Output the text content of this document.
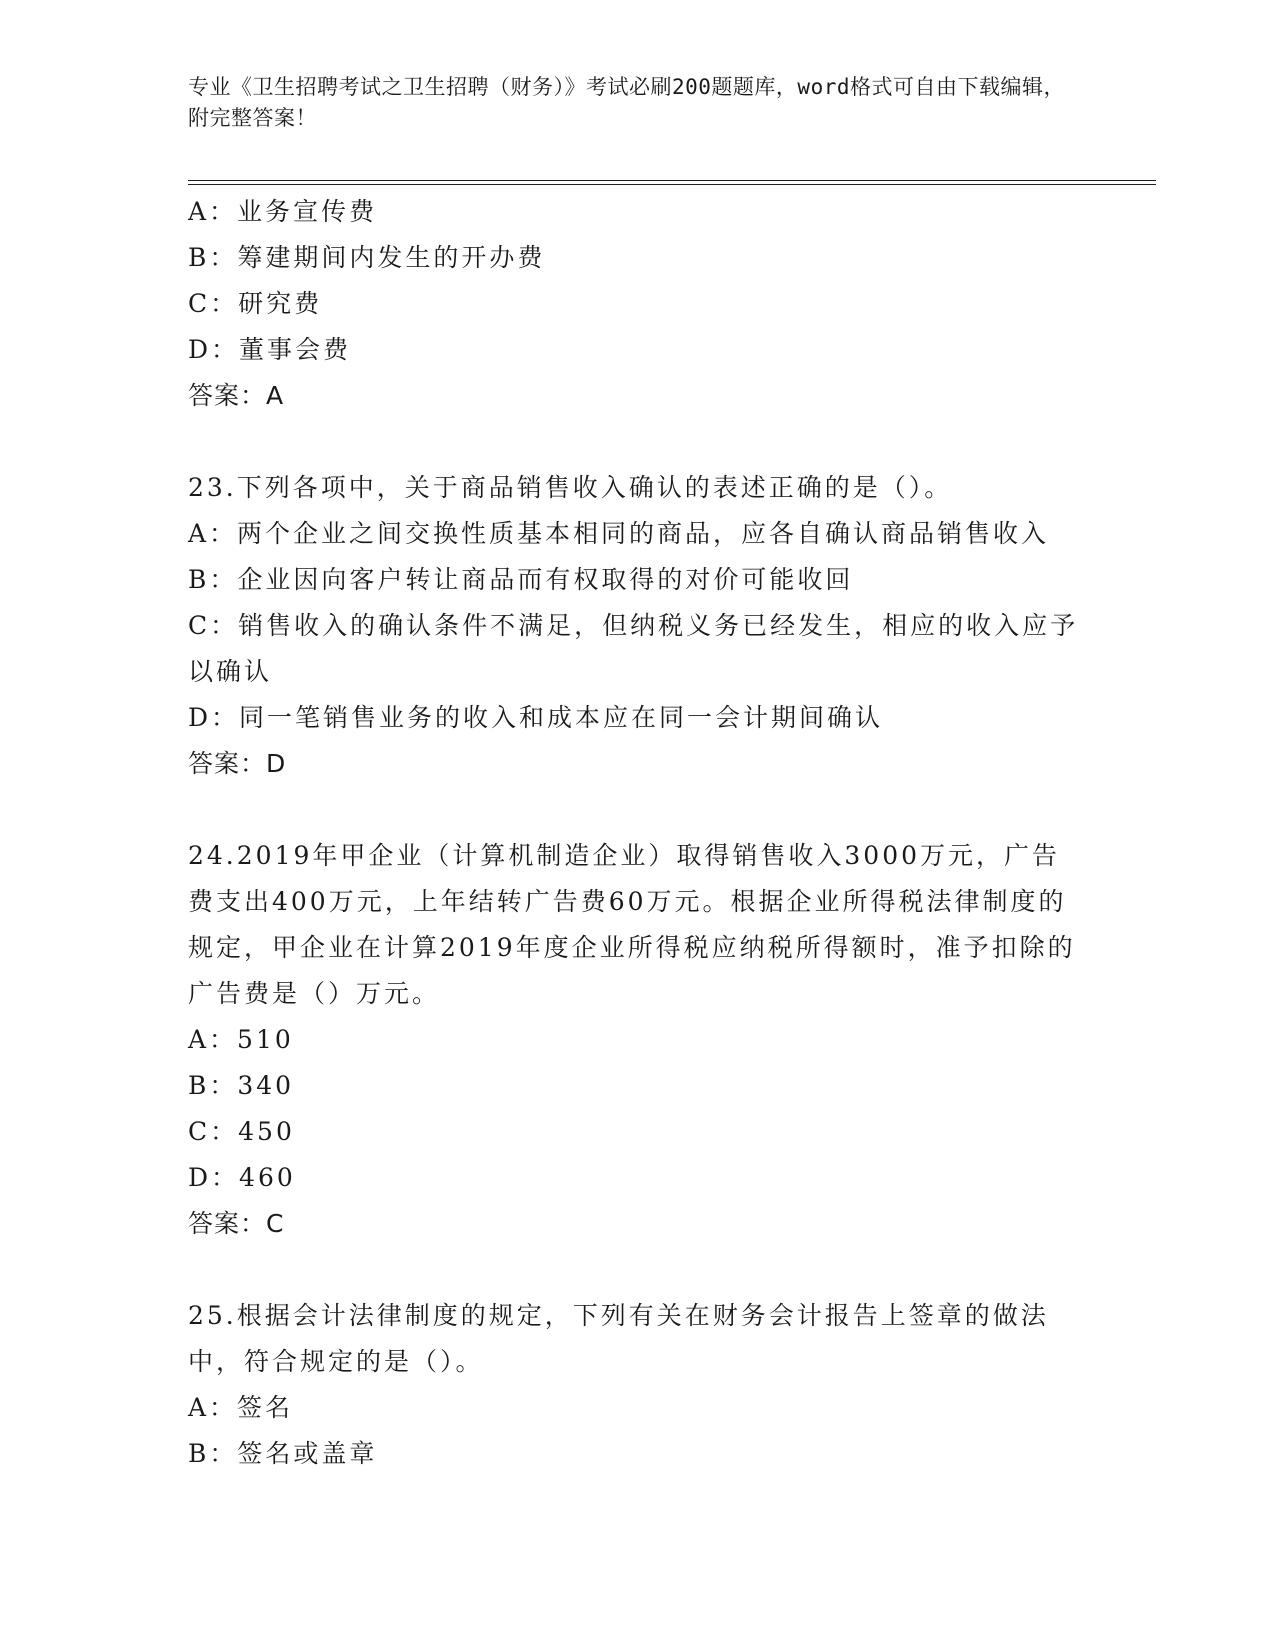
专业《卫生招聘考试之卫生招聘（财务）》考试必刷200题题库，word格式可自由下载编辑，附完整答案！
A：业务宣传费
B：筹建期间内发生的开办费
C：研究费
D：董事会费
答案：A
23.下列各项中，关于商品销售收入确认的表述正确的是（）。
A：两个企业之间交换性质基本相同的商品，应各自确认商品销售收入
B：企业因向客户转让商品而有权取得的对价可能收回
C：销售收入的确认条件不满足，但纳税义务已经发生，相应的收入应予以确认
D：同一笔销售业务的收入和成本应在同一会计期间确认
答案：D
24.2019年甲企业（计算机制造企业）取得销售收入3000万元，广告费支出400万元，上年结转广告费60万元。根据企业所得税法律制度的规定，甲企业在计算2019年度企业所得税应纳税所得额时，准予扣除的广告费是（）万元。
A：510
B：340
C：450
D：460
答案：C
25.根据会计法律制度的规定，下列有关在财务会计报告上签章的做法中，符合规定的是（）。
A：签名
B：签名或盖章
